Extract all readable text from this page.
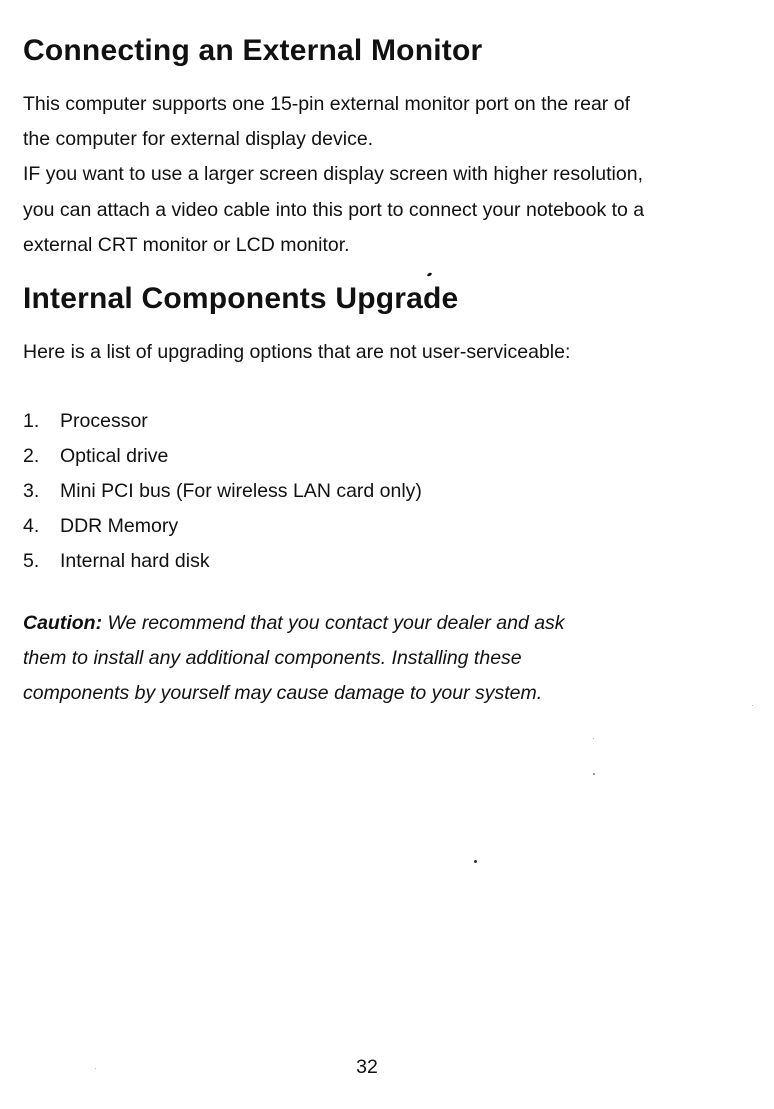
Connecting an External Monitor

This computer supports one 15-pin external monitor port on the rear of
the computer for external display device.
IF you want to use a larger screen display screen with higher resolution,
you can attach a video cable into this port to connect your notebook to a
external CRT monitor or LCD monitor.

Internal Components Upgrade

Here is a list of upgrading options that are not user-serviceable:

1. Processor
2. Optical drive
3. Mini PCI bus (For wireless LAN card only)
4. DDR Memory
5. Internal hard disk
Caution: We recommend that you contact your dealer and ask
them to install any additional components. Installing these
components by yourself may cause damage to your system.
32
